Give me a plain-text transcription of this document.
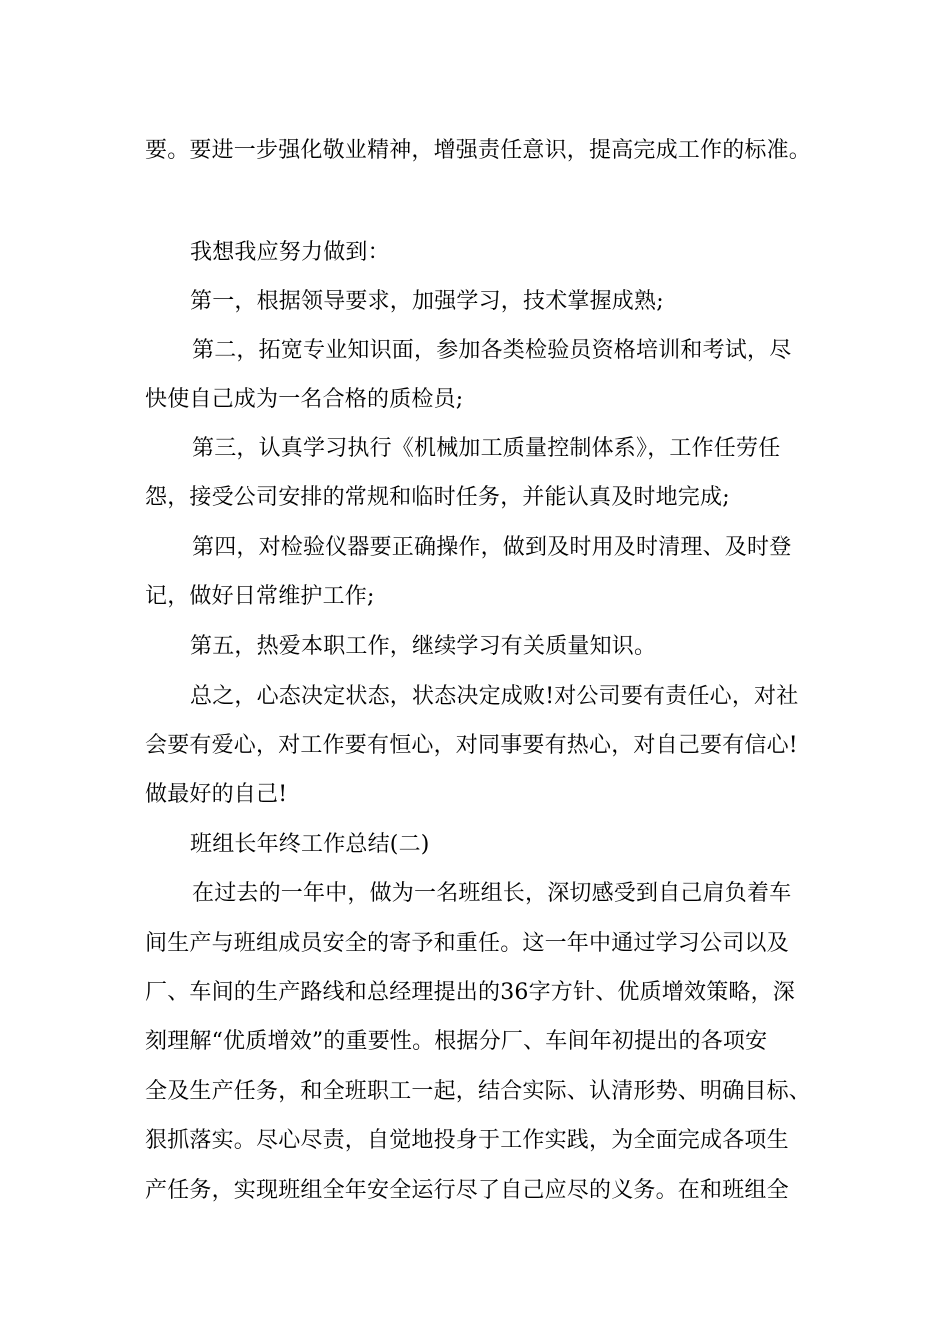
要。要进一步强化敬业精神，增强责任意识，提高完成工作的标准。
我想我应努力做到：
第一，根据领导要求，加强学习，技术掌握成熟;
第二，拓宽专业知识面，参加各类检验员资格培训和考试，尽
快使自己成为一名合格的质检员;
第三，认真学习执行《机械加工质量控制体系》，工作任劳任
怨，接受公司安排的常规和临时任务，并能认真及时地完成;
第四，对检验仪器要正确操作，做到及时用及时清理、及时登
记，做好日常维护工作;
第五，热爱本职工作，继续学习有关质量知识。
总之，心态决定状态，状态决定成败!对公司要有责任心，对社
会要有爱心，对工作要有恒心，对同事要有热心，对自己要有信心!
做最好的自己!
班组长年终工作总结(二)
在过去的一年中，做为一名班组长，深切感受到自己肩负着车
间生产与班组成员安全的寄予和重任。这一年中通过学习公司以及
厂、车间的生产路线和总经理提出的36字方针、优质增效策略，深
刻理解“优质增效”的重要性。根据分厂、车间年初提出的各项安
全及生产任务，和全班职工一起，结合实际、认清形势、明确目标、
狠抓落实。尽心尽责，自觉地投身于工作实践，为全面完成各项生
产任务，实现班组全年安全运行尽了自己应尽的义务。在和班组全
